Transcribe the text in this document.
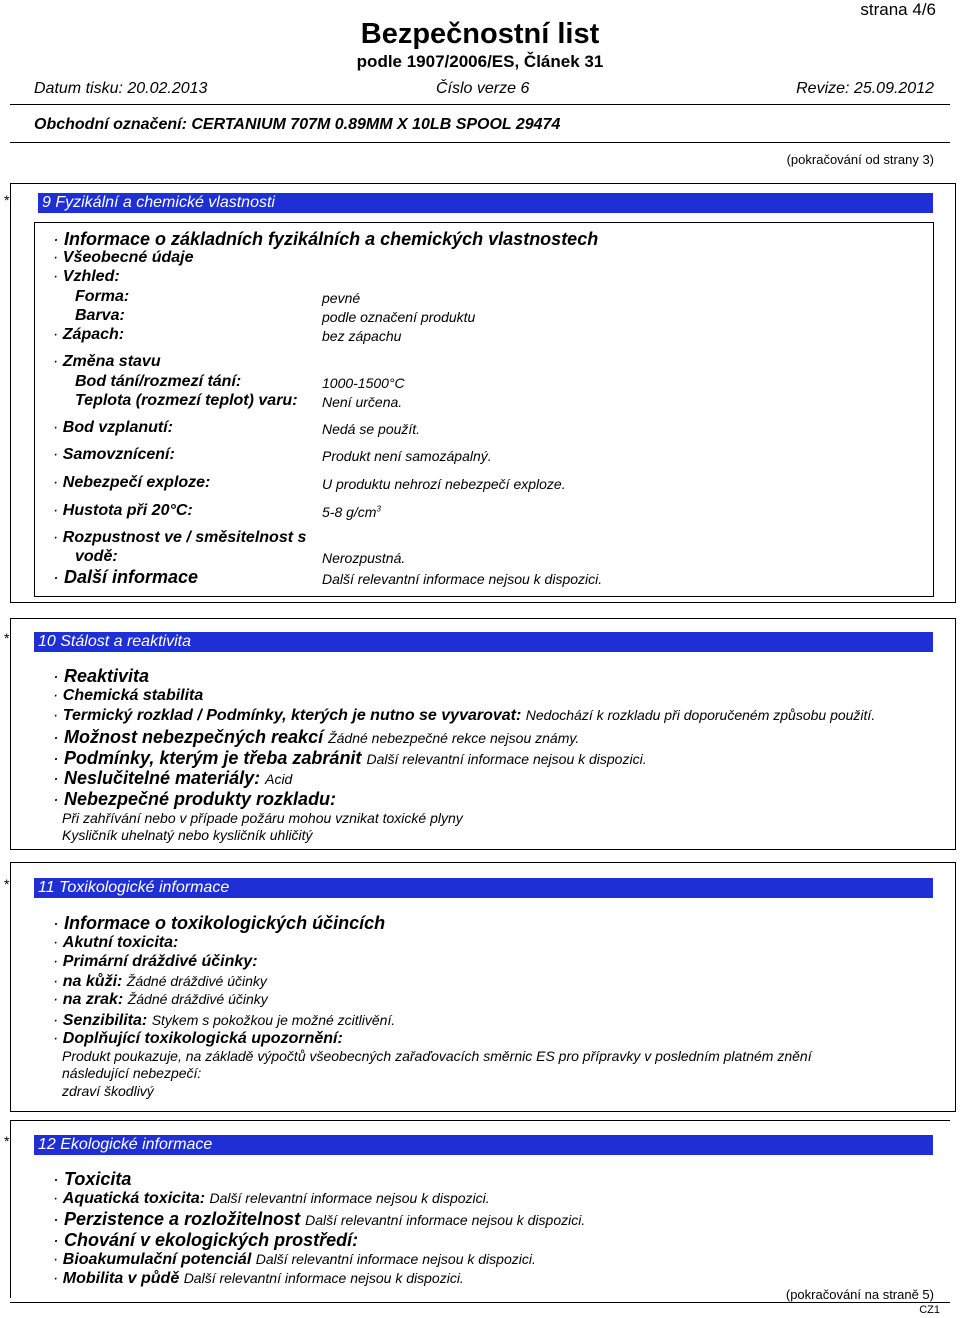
strana 4/6
Bezpečnostní list
podle 1907/2006/ES, Článek 31
Datum tisku: 20.02.2013	Číslo verze 6	Revize: 25.09.2012
Obchodní označení: CERTANIUM 707M 0.89MM X 10LB SPOOL 29474
(pokračování od strany 3)
* 9 Fyzikální a chemické vlastnosti
· Informace o základních fyzikálních a chemických vlastnostech
· Všeobecné údaje
· Vzhled:
Forma:	pevné
Barva:	podle označení produktu
· Zápach:	bez zápachu
· Změna stavu
Bod tání/rozmezí tání:	1000-1500°C
Teplota (rozmezí teplot) varu: Není určena.
· Bod vzplanutí:	Nedá se použít.
· Samovznícení:	Produkt není samozápalný.
· Nebezpečí exploze:	U produktu nehrozí nebezpečí exploze.
· Hustota při 20°C:	5-8 $g/cm^3$
· Rozpustnost ve / směsitelnost s
vodě:	Nerozpustná.
· Další informace	Další relevantní informace nejsou k dispozici.
* 10 Stálost a reaktivita
· Reaktivita
· Chemická stabilita
· Termický rozklad / Podmínky, kterých je nutno se vyvarovat: Nedochází k rozkladu při doporučeném způsobu použití.
· Možnost nebezpečných reakcí Žádné nebezpečné rekce nejsou známy.
· Podmínky, kterým je třeba zabránit Další relevantní informace nejsou k dispozici.
· Neslučitelné materiály: Acid
· Nebezpečné produkty rozkladu:
Při zahřívání nebo v případe požáru mohou vznikat toxické plyny
Kysličník uhelnatý nebo kysličník uhličitý
* 11 Toxikologické informace
· Informace o toxikologických účincích
· Akutní toxicita:
· Primární dráždivé účinky:
· na kůži: Žádné dráždivé účinky
· na zrak: Žádné dráždivé účinky
· Senzibilita: Stykem s pokožkou je možné zcitlivění.
· Doplňující toxikologická upozornění:
Produkt poukazuje, na základě výpočtů všeobecných zařaďovacích směrnic ES pro přípravky v posledním platném znění
následující nebezpečí:
zdraví škodlivý
* 12 Ekologické informace
· Toxicita
· Aquatická toxicita: Další relevantní informace nejsou k dispozici.
· Perzistence a rozložitelnost Další relevantní informace nejsou k dispozici.
· Chování v ekologických prostředí:
· Bioakumulační potenciál Další relevantní informace nejsou k dispozici.
· Mobilita v půdě Další relevantní informace nejsou k dispozici.
(pokračování na straně 5)
CZ1
